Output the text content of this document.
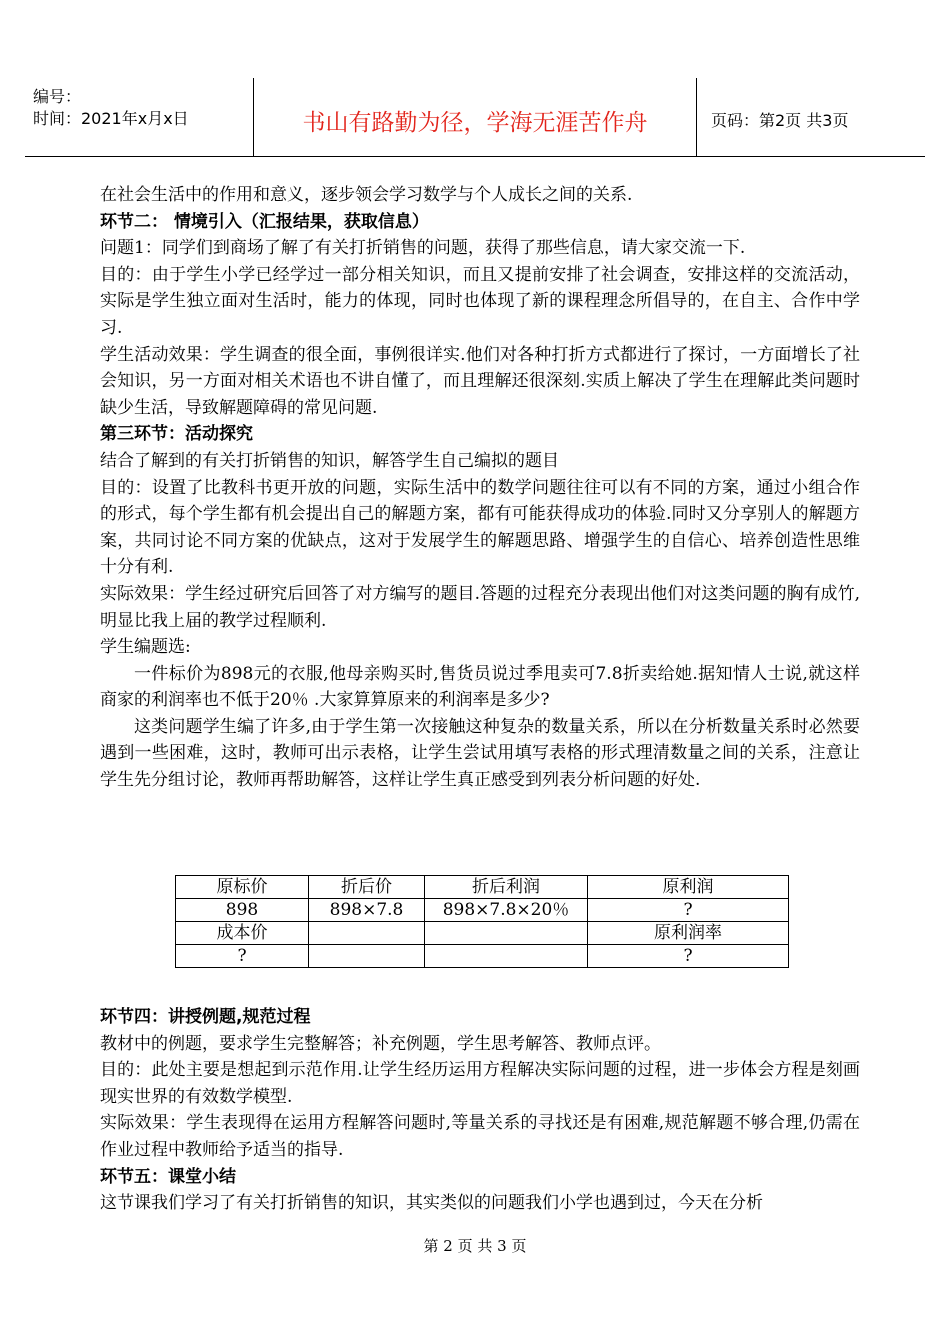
编号：
时间：2021年x月x日	书山有路勤为径，学海无涯苦作舟	页码：第2页 共3页

在社会生活中的作用和意义，逐步领会学习数学与个人成长之间的关系.

环节二： 情境引入（汇报结果，获取信息）

问题1：同学们到商场了解了有关打折销售的问题，获得了那些信息，请大家交流一下.

目的：由于学生小学已经学过一部分相关知识，而且又提前安排了社会调查，安排这样的交流活动，实际是学生独立面对生活时，能力的体现，同时也体现了新的课程理念所倡导的，在自主、合作中学习.

学生活动效果：学生调查的很全面，事例很详实.他们对各种打折方式都进行了探讨，一方面增长了社会知识，另一方面对相关术语也不讲自懂了，而且理解还很深刻.实质上解决了学生在理解此类问题时缺少生活，导致解题障碍的常见问题.

第三环节：活动探究

结合了解到的有关打折销售的知识，解答学生自己编拟的题目

目的：设置了比教科书更开放的问题，实际生活中的数学问题往往可以有不同的方案，通过小组合作的形式，每个学生都有机会提出自己的解题方案，都有可能获得成功的体验.同时又分享别人的解题方案，共同讨论不同方案的优缺点，这对于发展学生的解题思路、增强学生的自信心、培养创造性思维十分有利.

实际效果：学生经过研究后回答了对方编写的题目.答题的过程充分表现出他们对这类问题的胸有成竹,明显比我上届的教学过程顺利.

学生编题选:

一件标价为898元的衣服,他母亲购买时,售货员说过季甩卖可7.8折卖给她.据知情人士说,就这样商家的利润率也不低于20％ .大家算算原来的利润率是多少?

这类问题学生编了许多,由于学生第一次接触这种复杂的数量关系，所以在分析数量关系时必然要遇到一些困难，这时，教师可出示表格，让学生尝试用填写表格的形式理清数量之间的关系，注意让学生先分组讨论，教师再帮助解答，这样让学生真正感受到列表分析问题的好处.

原标价	折后价	折后利润	原利润
898	898×7.8	898×7.8×20％	?
成本价			原利润率
?			?

环节四：讲授例题,规范过程

教材中的例题，要求学生完整解答；补充例题，学生思考解答、教师点评。

目的：此处主要是想起到示范作用.让学生经历运用方程解决实际问题的过程，进一步体会方程是刻画现实世界的有效数学模型.

实际效果：学生表现得在运用方程解答问题时,等量关系的寻找还是有困难,规范解题不够合理,仍需在作业过程中教师给予适当的指导.

环节五：课堂小结

这节课我们学习了有关打折销售的知识，其实类似的问题我们小学也遇到过，今天在分析

第 2 页 共 3 页
